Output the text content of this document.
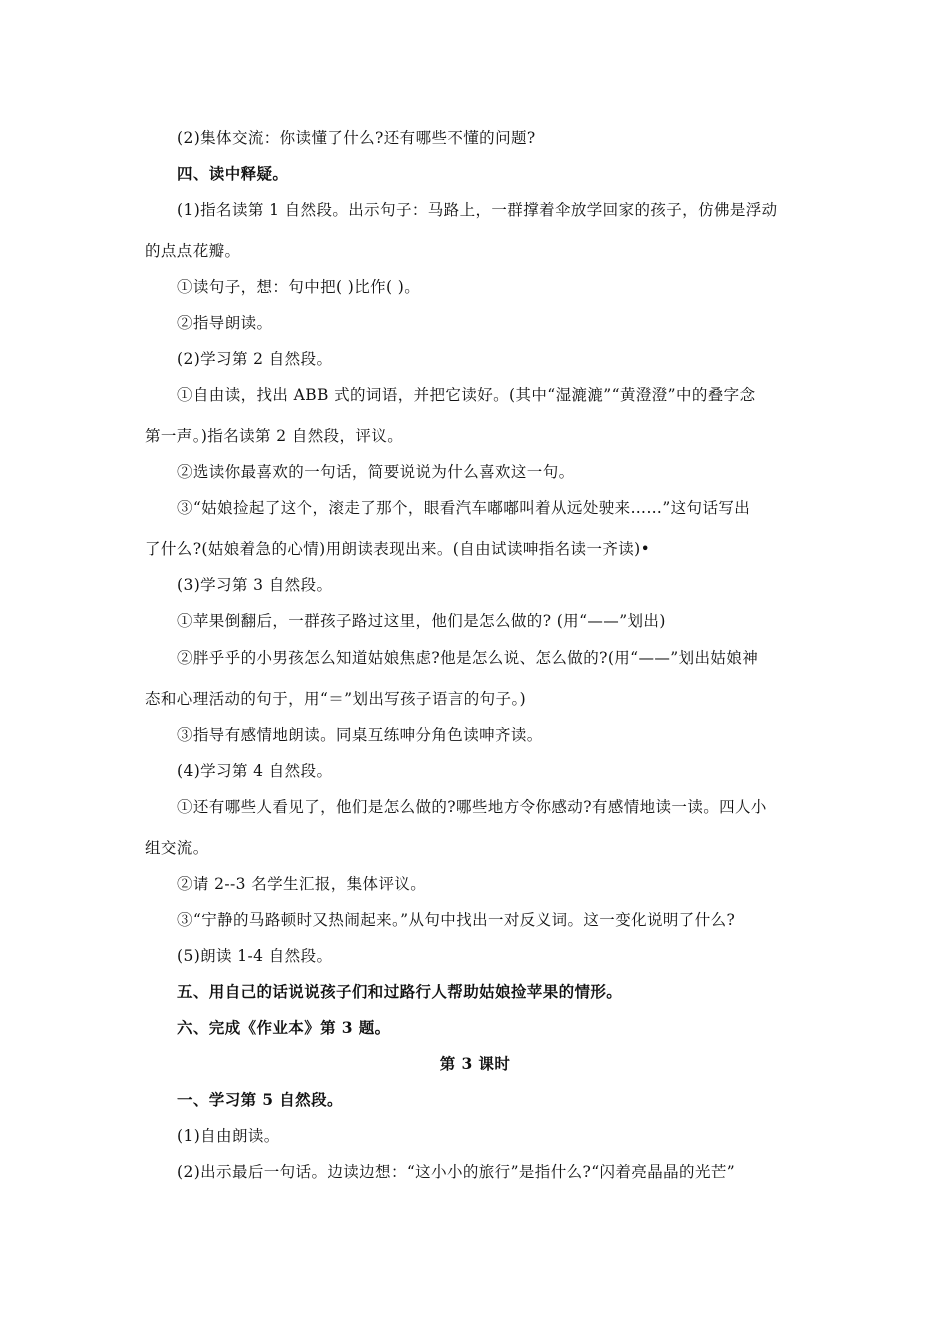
(2)集体交流：你读懂了什么?还有哪些不懂的问题?
四、读中释疑。
(1)指名读第 1 自然段。出示句子：马路上，一群撑着伞放学回家的孩子，仿佛是浮动
的点点花瓣。
①读句子，想：句中把( )比作( )。
②指导朗读。
(2)学习第 2 自然段。
①自由读，找出 ABB 式的词语，并把它读好。(其中“湿漉漉”“黄澄澄”中的叠字念
第一声。)指名读第 2 自然段，评议。
②选读你最喜欢的一句话，简要说说为什么喜欢这一句。
③“姑娘捡起了这个，滚走了那个，眼看汽车嘟嘟叫着从远处驶来……”这句话写出
了什么?(姑娘着急的心情)用朗读表现出来。(自由试读呻指名读一齐读)•
(3)学习第 3 自然段。
①苹果倒翻后，一群孩子路过这里，他们是怎么做的? (用“——”划出)
②胖乎乎的小男孩怎么知道姑娘焦虑?他是怎么说、怎么做的?(用“——”划出姑娘神
态和心理活动的句于，用“＝”划出写孩子语言的句子。)
③指导有感情地朗读。同桌互练呻分角色读呻齐读。
(4)学习第 4 自然段。
①还有哪些人看见了，他们是怎么做的?哪些地方令你感动?有感情地读一读。四人小
组交流。
②请 2--3 名学生汇报，集体评议。
③“宁静的马路顿时又热闹起来。”从句中找出一对反义词。这一变化说明了什么?
(5)朗读 1-4 自然段。
五、用自己的话说说孩子们和过路行人帮助姑娘捡苹果的情形。
六、完成《作业本》第 3 题。
第 3 课时
一、学习第 5 自然段。
(1)自由朗读。
(2)出示最后一句话。边读边想：“这小小的旅行”是指什么?“闪着亮晶晶的光芒”
